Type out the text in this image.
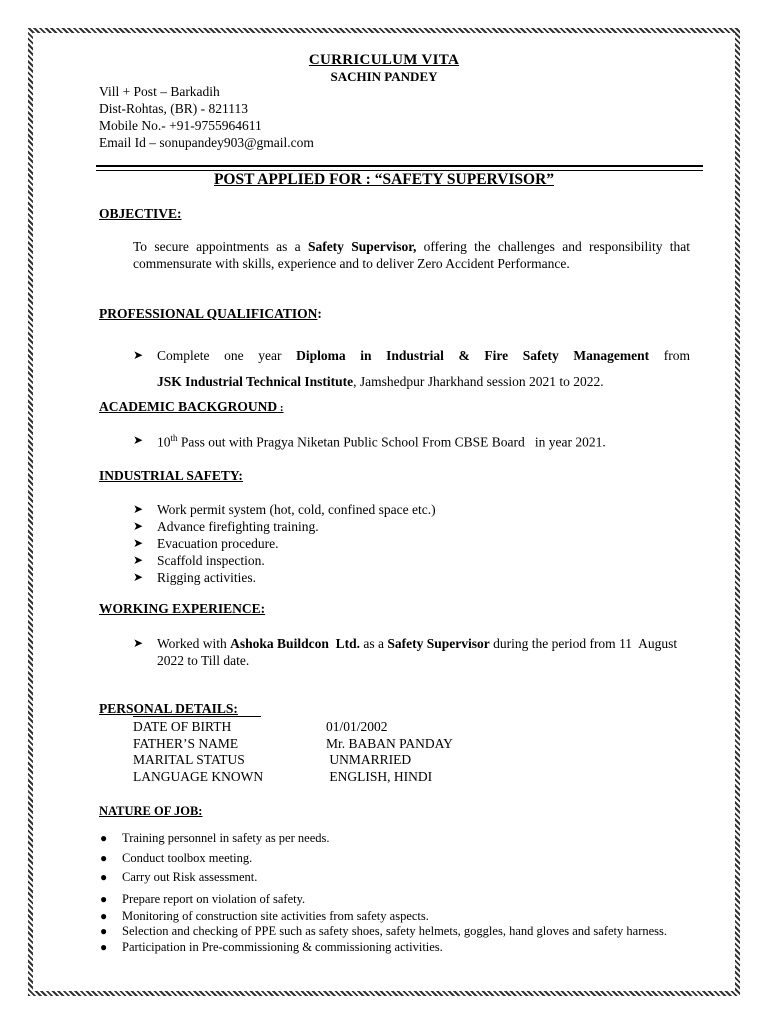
CURRICULUM VITA
SACHIN PANDEY
Vill + Post – Barkadih
Dist-Rohtas, (BR) - 821113
Mobile No.- +91-9755964611
Email Id – sonupandey903@gmail.com
POST APPLIED FOR : “SAFETY SUPERVISOR”
OBJECTIVE:
To secure appointments as a Safety Supervisor, offering the challenges and responsibility that commensurate with skills, experience and to deliver Zero Accident Performance.
PROFESSIONAL QUALIFICATION:
➤	Complete one year Diploma in Industrial & Fire Safety Management from
JSK Industrial Technical Institute, Jamshedpur Jharkhand session 2021 to 2022.
ACADEMIC BACKGROUND :
➤	10th Pass out with Pragya Niketan Public School From CBSE Board   in year 2021.
INDUSTRIAL SAFETY:
➤ Work permit system (hot, cold, confined space etc.)
➤ Advance firefighting training.
➤ Evacuation procedure.
➤ Scaffold inspection.
➤ Rigging activities.
WORKING EXPERIENCE:
➤	Worked with Ashoka Buildcon  Ltd. as a Safety Supervisor during the period from 11  August 2022 to Till date.
PERSONAL DETAILS:
DATE OF BIRTH	01/01/2002
FATHER’S NAME	Mr. BABAN PANDAY
MARITAL STATUS	UNMARRIED
LANGUAGE KNOWN	ENGLISH, HINDI
NATURE OF JOB:
● Training personnel in safety as per needs.
● Conduct toolbox meeting.
● Carry out Risk assessment.
● Prepare report on violation of safety.
● Monitoring of construction site activities from safety aspects.
● Selection and checking of PPE such as safety shoes, safety helmets, goggles, hand gloves and safety harness.
● Participation in Pre-commissioning & commissioning activities.
